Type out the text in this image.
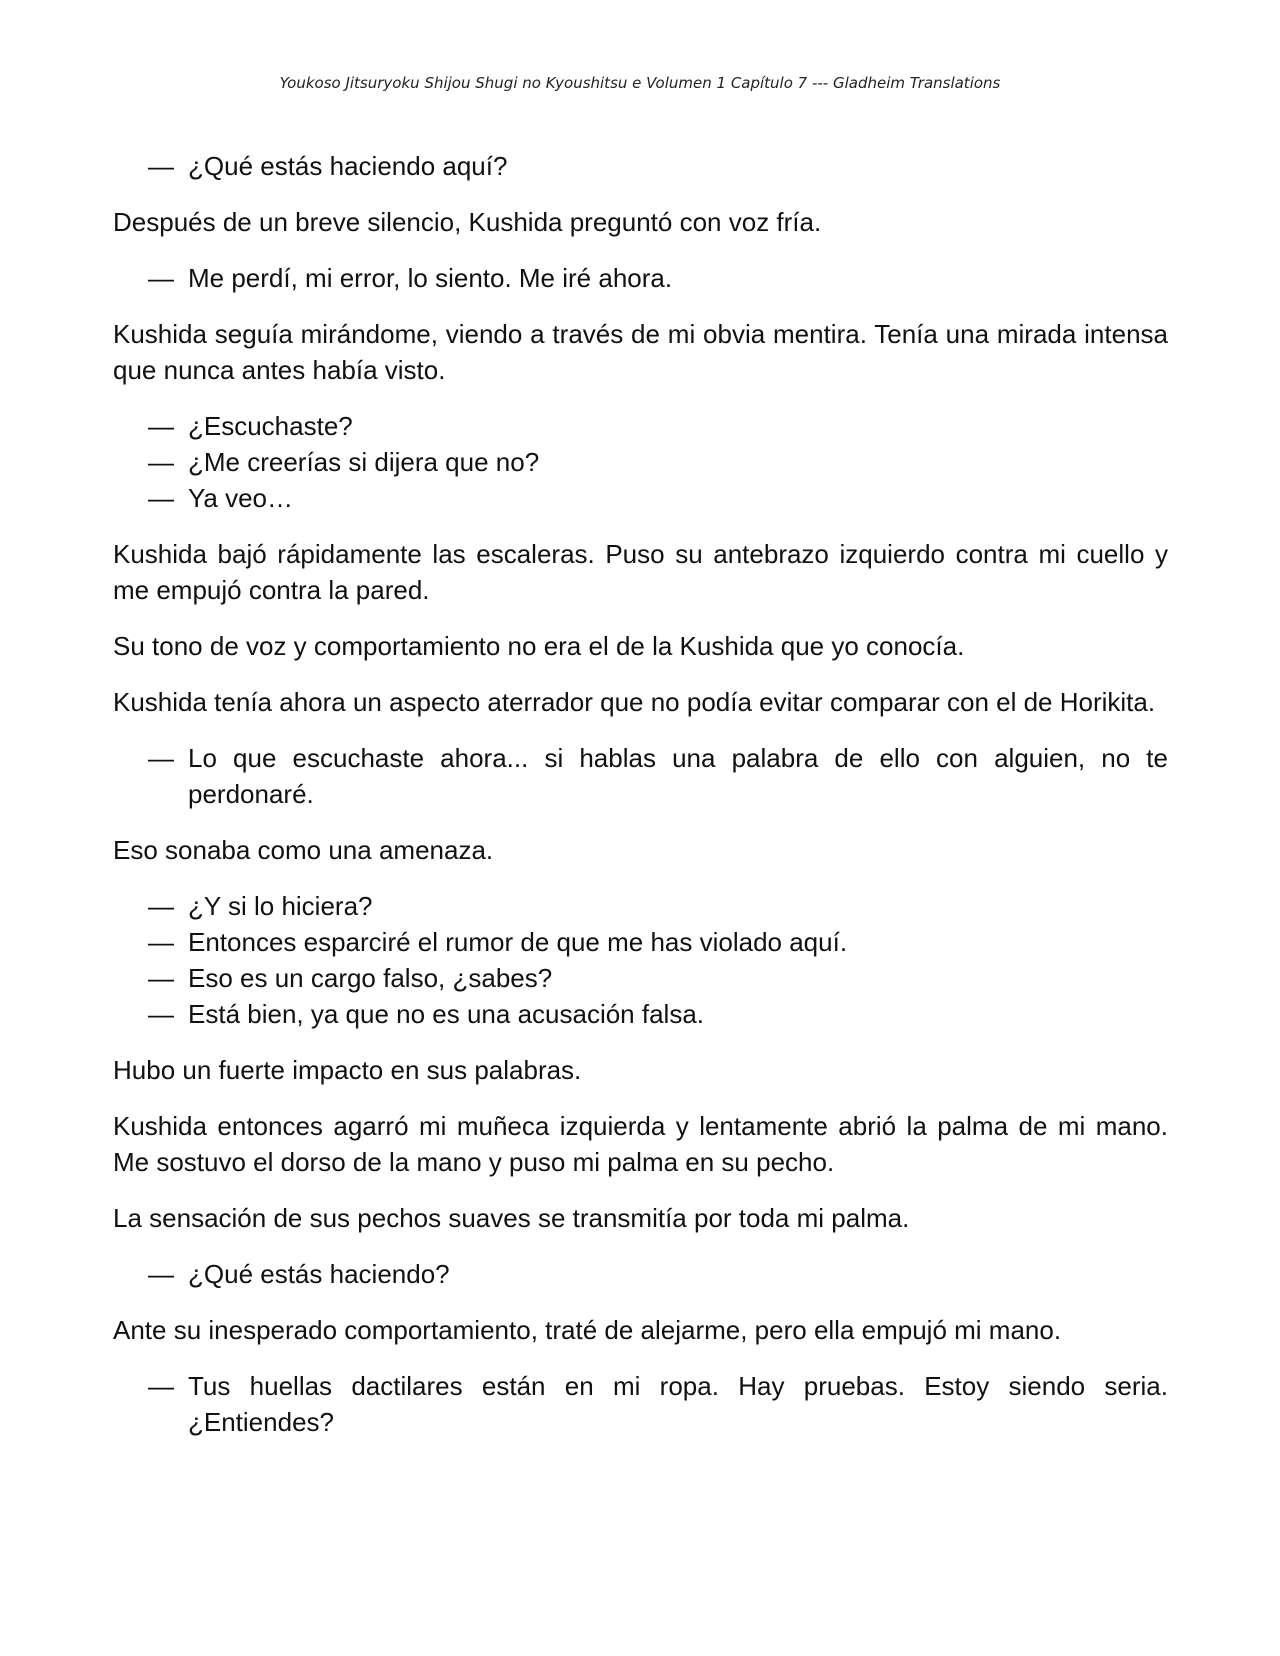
Youkoso Jitsuryoku Shijou Shugi no Kyoushitsu e Volumen 1 Capítulo 7 --- Gladheim Translations

— ¿Qué estás haciendo aquí?

Después de un breve silencio, Kushida preguntó con voz fría.

— Me perdí, mi error, lo siento. Me iré ahora.

Kushida seguía mirándome, viendo a través de mi obvia mentira. Tenía una mirada intensa que nunca antes había visto.

— ¿Escuchaste?

— ¿Me creerías si dijera que no?

— Ya veo…

Kushida bajó rápidamente las escaleras. Puso su antebrazo izquierdo contra mi cuello y me empujó contra la pared.

Su tono de voz y comportamiento no era el de la Kushida que yo conocía.

Kushida tenía ahora un aspecto aterrador que no podía evitar comparar con el de Horikita.

— Lo que escuchaste ahora... si hablas una palabra de ello con alguien, no te perdonaré.

Eso sonaba como una amenaza.

— ¿Y si lo hiciera?

— Entonces esparciré el rumor de que me has violado aquí.

— Eso es un cargo falso, ¿sabes?

— Está bien, ya que no es una acusación falsa.

Hubo un fuerte impacto en sus palabras.

Kushida entonces agarró mi muñeca izquierda y lentamente abrió la palma de mi mano. Me sostuvo el dorso de la mano y puso mi palma en su pecho.

La sensación de sus pechos suaves se transmitía por toda mi palma.

— ¿Qué estás haciendo?

Ante su inesperado comportamiento, traté de alejarme, pero ella empujó mi mano.

— Tus huellas dactilares están en mi ropa. Hay pruebas. Estoy siendo seria. ¿Entiendes?
